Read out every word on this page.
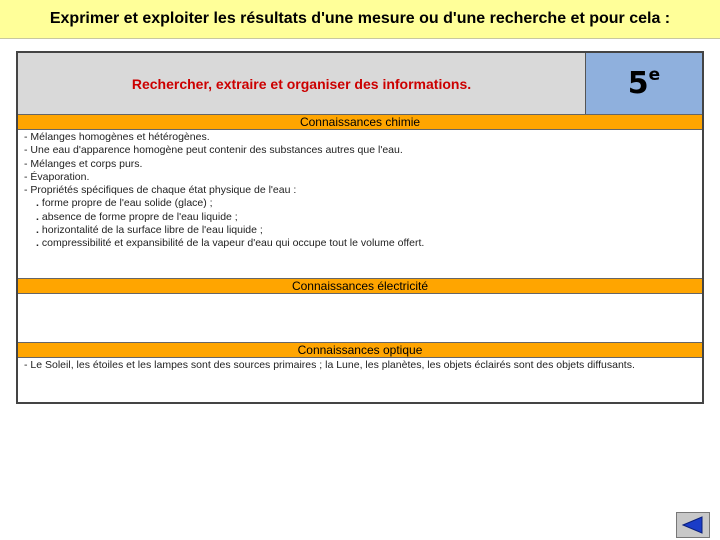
Exprimer et exploiter les résultats d'une mesure ou d'une recherche et pour cela :
Rechercher, extraire et organiser des informations.	5e
Connaissances chimie
- Mélanges homogènes et hétérogènes.
- Une eau d'apparence homogène peut contenir des substances autres que l'eau.
- Mélanges et corps purs.
- Évaporation.
- Propriétés spécifiques de chaque état physique de l'eau :
. forme propre de l'eau solide (glace) ;
. absence de forme propre de l'eau liquide ;
. horizontalité de la surface libre de l'eau liquide ;
. compressibilité et expansibilité de la vapeur d'eau qui occupe tout le volume offert.
Connaissances électricité
Connaissances optique
- Le Soleil, les étoiles et les lampes sont des sources primaires ; la Lune, les planètes, les objets éclairés sont des objets diffusants.
